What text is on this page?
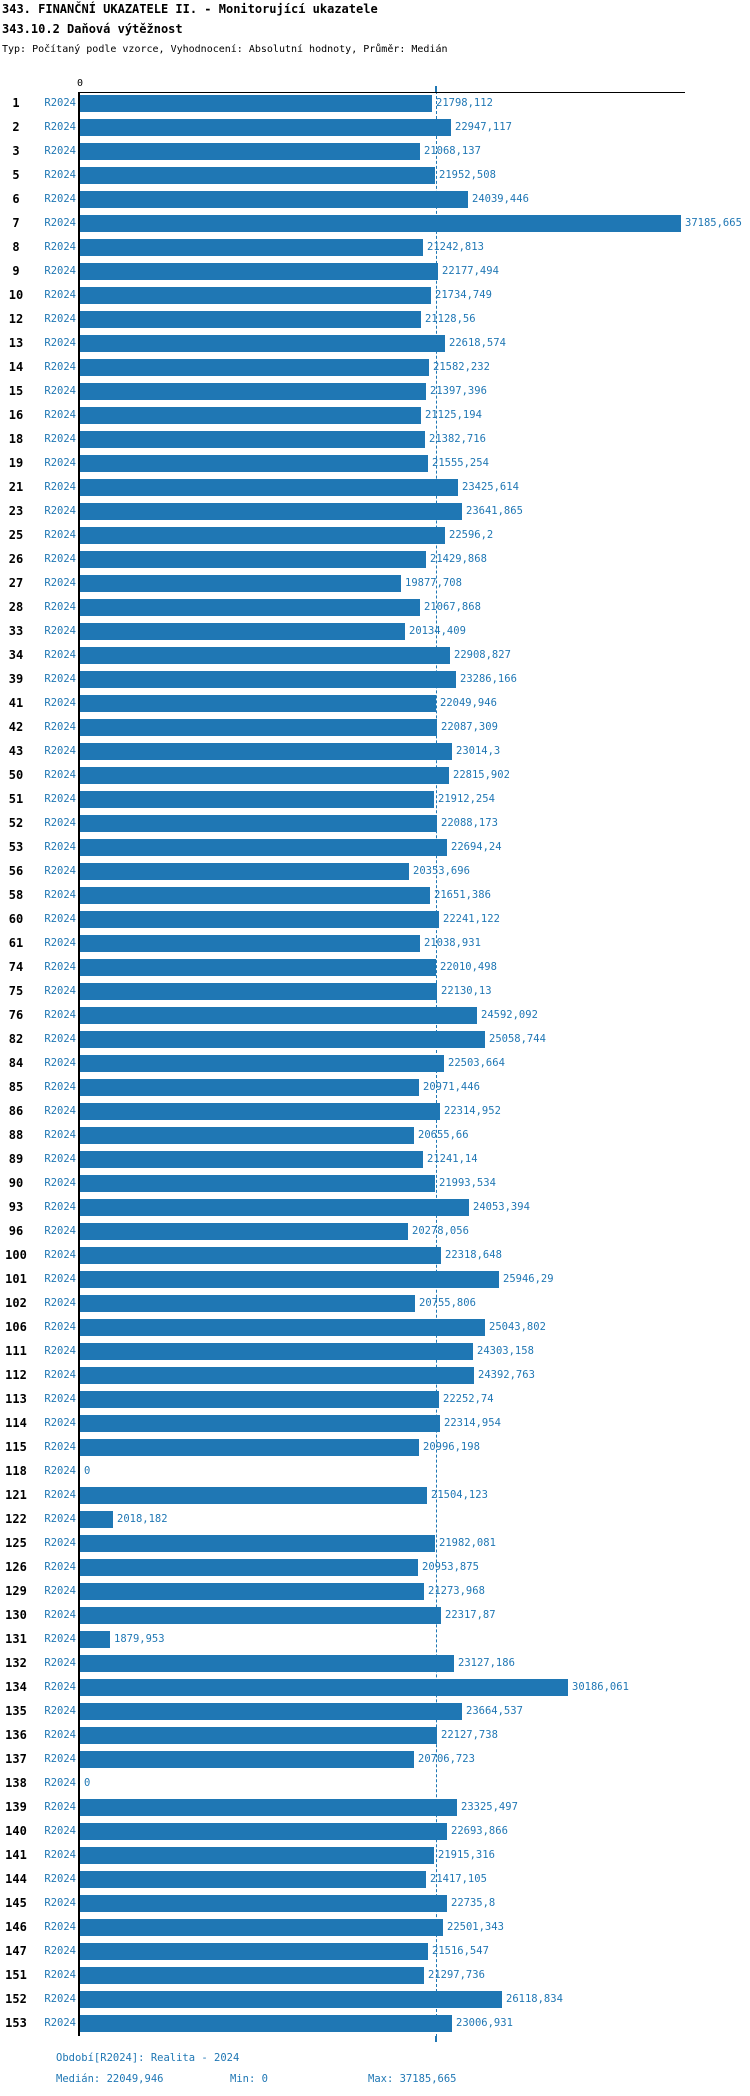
343. FINANČNÍ UKAZATELE II. - Monitorující ukazatele
343.10.2 Daňová výtěžnost
Typ: Počítaný podle vzorce, Vyhodnocení: Absolutní hodnoty, Průměr: Medián
0
1	R2024	21798,112
2	R2024	22947,117
3	R2024	21068,137
5	R2024	21952,508
6	R2024	24039,446
7	R2024	37185,665
8	R2024	21242,813
9	R2024	22177,494
10	R2024	21734,749
12	R2024	21128,56
13	R2024	22618,574
14	R2024	21582,232
15	R2024	21397,396
16	R2024	21125,194
18	R2024	21382,716
19	R2024	21555,254
21	R2024	23425,614
23	R2024	23641,865
25	R2024	22596,2
26	R2024	21429,868
27	R2024	19877,708
28	R2024	21067,868
33	R2024	20134,409
34	R2024	22908,827
39	R2024	23286,166
41	R2024	22049,946
42	R2024	22087,309
43	R2024	23014,3
50	R2024	22815,902
51	R2024	21912,254
52	R2024	22088,173
53	R2024	22694,24
56	R2024	20353,696
58	R2024	21651,386
60	R2024	22241,122
61	R2024	21038,931
74	R2024	22010,498
75	R2024	22130,13
76	R2024	24592,092
82	R2024	25058,744
84	R2024	22503,664
85	R2024	20971,446
86	R2024	22314,952
88	R2024	20655,66
89	R2024	21241,14
90	R2024	21993,534
93	R2024	24053,394
96	R2024	20278,056
100	R2024	22318,648
101	R2024	25946,29
102	R2024	20755,806
106	R2024	25043,802
111	R2024	24303,158
112	R2024	24392,763
113	R2024	22252,74
114	R2024	22314,954
115	R2024	20996,198
118	R2024 0
121	R2024	21504,123
122	R2024	2018,182
125	R2024	21982,081
126	R2024	20953,875
129	R2024	21273,968
130	R2024	22317,87
131	R2024	1879,953
132	R2024	23127,186
134	R2024	30186,061
135	R2024	23664,537
136	R2024	22127,738
137	R2024	20706,723
138	R2024 0
139	R2024	23325,497
140	R2024	22693,866
141	R2024	21915,316
144	R2024	21417,105
145	R2024	22735,8
146	R2024	22501,343
147	R2024	21516,547
151	R2024	21297,736
152	R2024	26118,834
153	R2024	23006,931
Období[R2024]: Realita - 2024
Medián: 22049,946	Min: 0	Max: 37185,665
